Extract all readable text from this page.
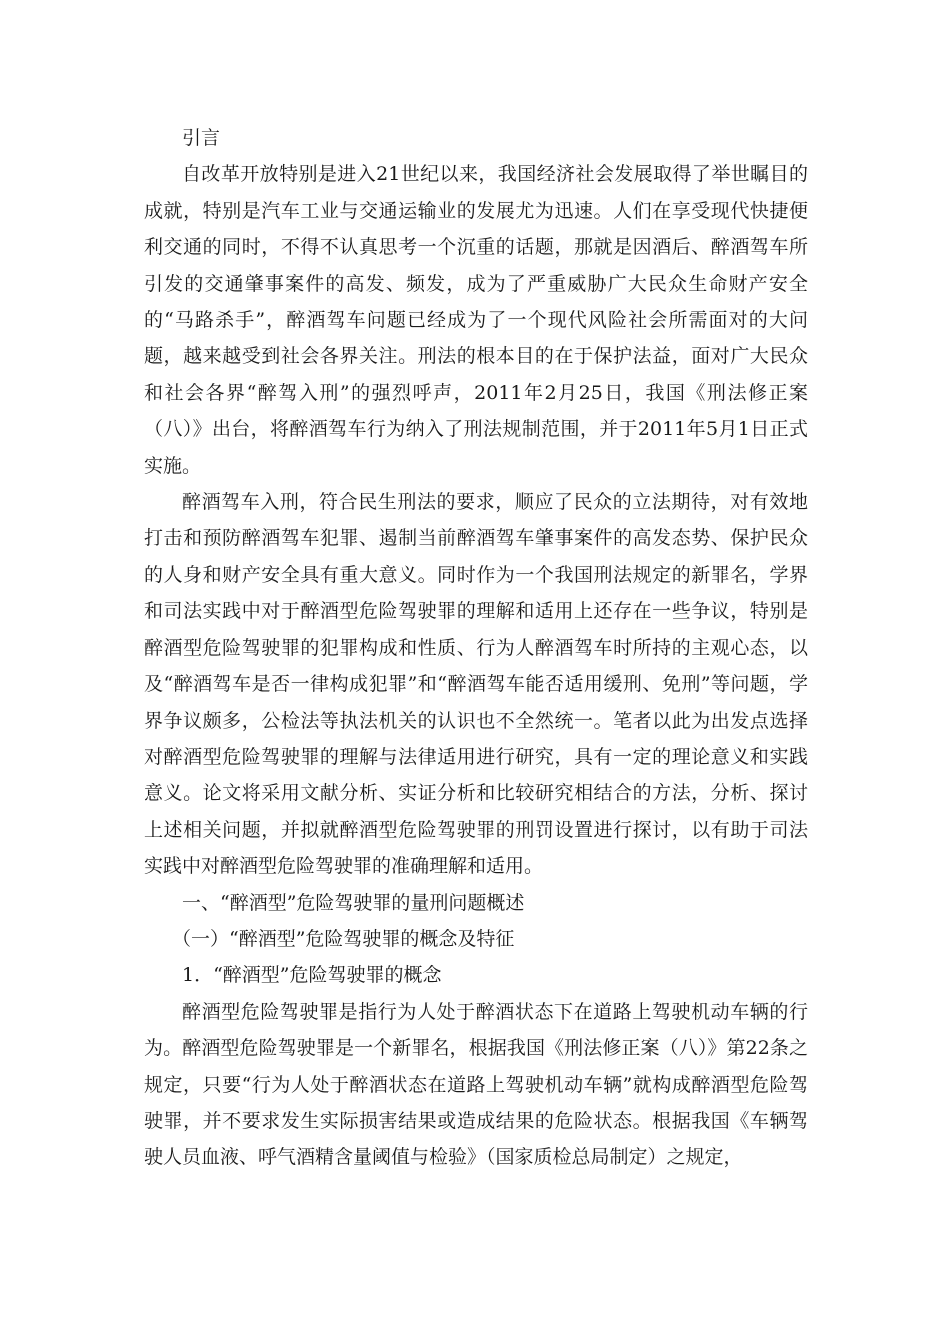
引言

自改革开放特别是进入21世纪以来，我国经济社会发展取得了举世瞩目的成就，特别是汽车工业与交通运输业的发展尤为迅速。人们在享受现代快捷便利交通的同时，不得不认真思考一个沉重的话题，那就是因酒后、醉酒驾车所引发的交通肇事案件的高发、频发，成为了严重威胁广大民众生命财产安全的“马路杀手”，醉酒驾车问题已经成为了一个现代风险社会所需面对的大问题，越来越受到社会各界关注。刑法的根本目的在于保护法益，面对广大民众和社会各界“醉驾入刑”的强烈呼声，2011年2月25日，我国《刑法修正案（八）》出台，将醉酒驾车行为纳入了刑法规制范围，并于2011年5月1日正式实施。

醉酒驾车入刑，符合民生刑法的要求，顺应了民众的立法期待，对有效地打击和预防醉酒驾车犯罪、遏制当前醉酒驾车肇事案件的高发态势、保护民众的人身和财产安全具有重大意义。同时作为一个我国刑法规定的新罪名，学界和司法实践中对于醉酒型危险驾驶罪的理解和适用上还存在一些争议，特别是醉酒型危险驾驶罪的犯罪构成和性质、行为人醉酒驾车时所持的主观心态，以及“醉酒驾车是否一律构成犯罪”和“醉酒驾车能否适用缓刑、免刑”等问题，学界争议颇多，公检法等执法机关的认识也不全然统一。笔者以此为出发点选择对醉酒型危险驾驶罪的理解与法律适用进行研究，具有一定的理论意义和实践意义。论文将采用文献分析、实证分析和比较研究相结合的方法，分析、探讨上述相关问题，并拟就醉酒型危险驾驶罪的刑罚设置进行探讨，以有助于司法实践中对醉酒型危险驾驶罪的准确理解和适用。

一、“醉酒型”危险驾驶罪的量刑问题概述

（一）“醉酒型”危险驾驶罪的概念及特征

1．“醉酒型”危险驾驶罪的概念

醉酒型危险驾驶罪是指行为人处于醉酒状态下在道路上驾驶机动车辆的行为。醉酒型危险驾驶罪是一个新罪名，根据我国《刑法修正案（八）》第22条之规定，只要“行为人处于醉酒状态在道路上驾驶机动车辆”就构成醉酒型危险驾驶罪，并不要求发生实际损害结果或造成结果的危险状态。根据我国《车辆驾驶人员血液、呼气酒精含量阈值与检验》（国家质检总局制定）之规定，
